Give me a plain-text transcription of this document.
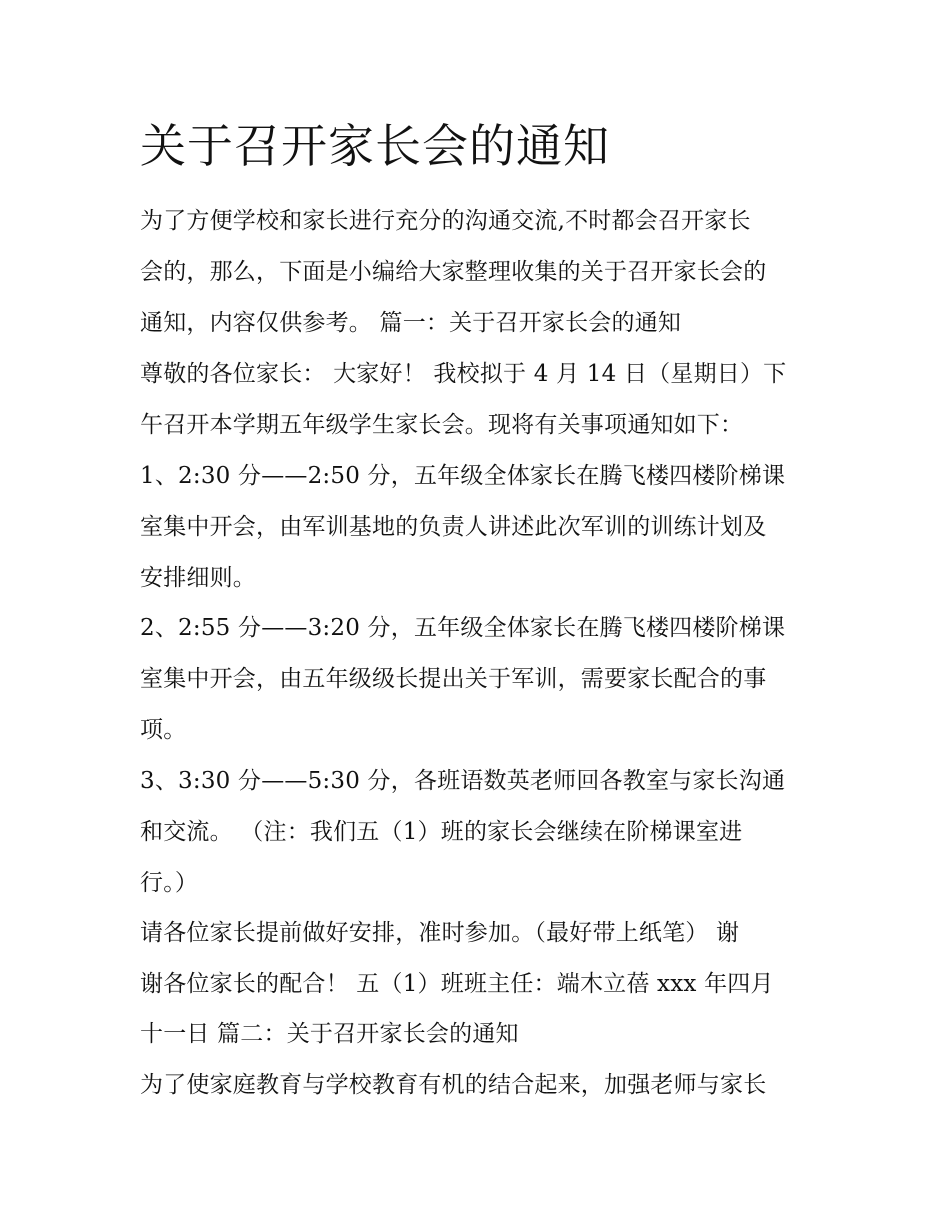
关于召开家长会的通知

为了方便学校和家长进行充分的沟通交流,不时都会召开家长

会的，那么，下面是小编给大家整理收集的关于召开家长会的

通知，内容仅供参考。 篇一：关于召开家长会的通知

尊敬的各位家长： 大家好！ 我校拟于 4 月 14 日（星期日）下

午召开本学期五年级学生家长会。现将有关事项通知如下：

1、2:30 分——2:50 分，五年级全体家长在腾飞楼四楼阶梯课

室集中开会，由军训基地的负责人讲述此次军训的训练计划及

安排细则。

2、2:55 分——3:20 分，五年级全体家长在腾飞楼四楼阶梯课

室集中开会，由五年级级长提出关于军训，需要家长配合的事

项。

3、3:30 分——5:30 分，各班语数英老师回各教室与家长沟通

和交流。 （注：我们五（1）班的家长会继续在阶梯课室进

行。）

请各位家长提前做好安排，准时参加。（最好带上纸笔） 谢

谢各位家长的配合！ 五（1）班班主任：端木立蓓 xxx 年四月

十一日 篇二：关于召开家长会的通知

为了使家庭教育与学校教育有机的结合起来，加强老师与家长
